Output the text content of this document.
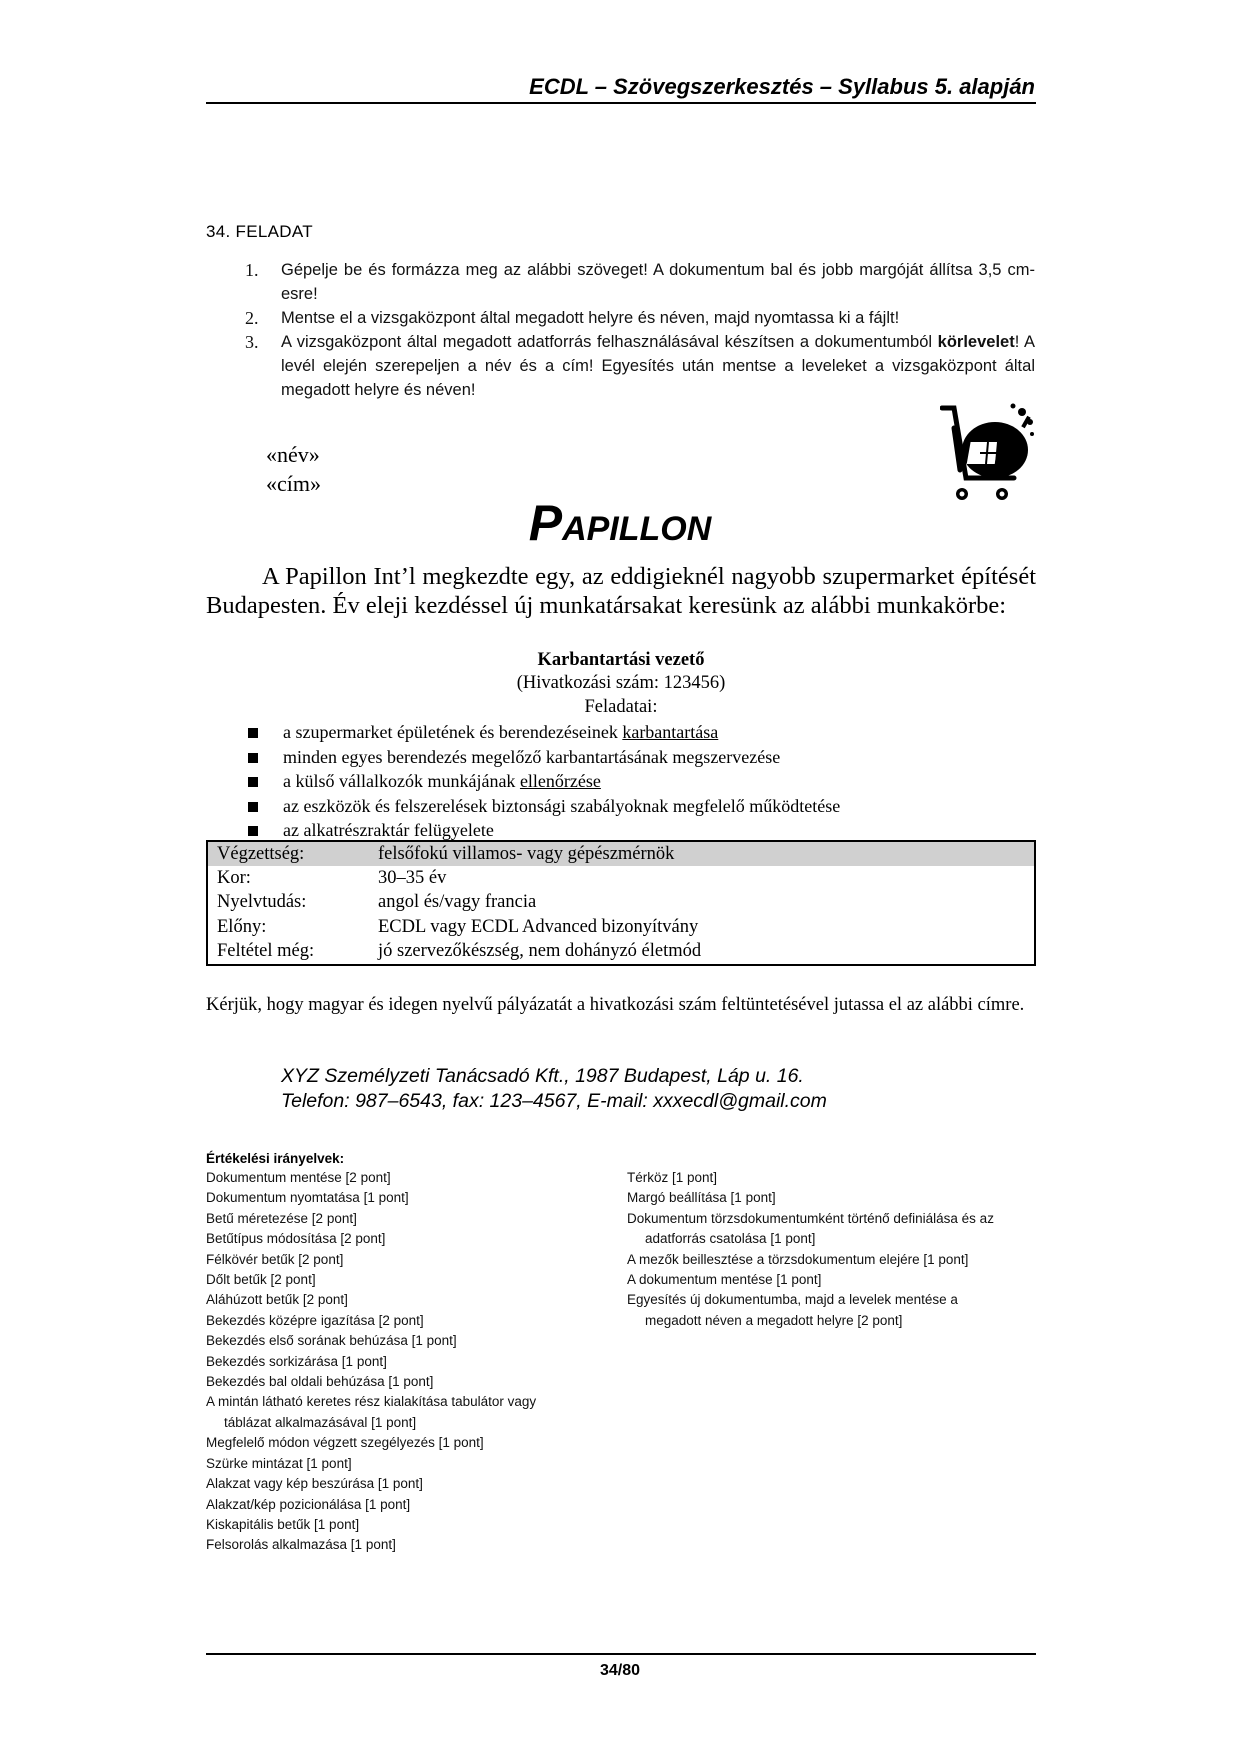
ECDL – Szövegszerkesztés – Syllabus 5. alapján
34. FELADAT
1. Gépelje be és formázza meg az alábbi szöveget! A dokumentum bal és jobb margóját állítsa 3,5 cm-esre!
2. Mentse el a vizsgaközpont által megadott helyre és néven, majd nyomtassa ki a fájlt!
3. A vizsgaközpont által megadott adatforrás felhasználásával készítsen a dokumentumból körlevelet! A levél elején szerepeljen a név és a cím! Egyesítés után mentse a leveleket a vizsgaközpont által megadott helyre és néven!
«név»
«cím»
PAPILLON
A Papillon Int’l megkezdte egy, az eddigieknél nagyobb szupermarket építését Budapesten. Év eleji kezdéssel új munkatársakat keresünk az alábbi munkakörbe:
Karbantartási vezető
(Hivatkozási szám: 123456)
Feladatai:
a szupermarket épületének és berendezéseinek karbantartása
minden egyes berendezés megelőző karbantartásának megszervezése
a külső vállalkozók munkájának ellenőrzése
az eszközök és felszerelések biztonsági szabályoknak megfelelő működtetése
az alkatrészraktár felügyelete
Végzettség:	felsőfokú villamos- vagy gépészmérnök
Kor:	30–35 év
Nyelvtudás:	angol és/vagy francia
Előny:	ECDL vagy ECDL Advanced bizonyítvány
Feltétel még:	jó szervezőkészség, nem dohányzó életmód
Kérjük, hogy magyar és idegen nyelvű pályázatát a hivatkozási szám feltüntetésével jutassa el az alábbi címre.
XYZ Személyzeti Tanácsadó Kft., 1987 Budapest, Láp u. 16.
Telefon: 987–6543, fax: 123–4567, E-mail: xxxecdl@gmail.com
Értékelési irányelvek:
Dokumentum mentése [2 pont]
Dokumentum nyomtatása [1 pont]
Betű méretezése [2 pont]
Betűtípus módosítása [2 pont]
Félkövér betűk [2 pont]
Dőlt betűk [2 pont]
Aláhúzott betűk [2 pont]
Bekezdés középre igazítása [2 pont]
Bekezdés első sorának behúzása [1 pont]
Bekezdés sorkizárása [1 pont]
Bekezdés bal oldali behúzása [1 pont]
A mintán látható keretes rész kialakítása tabulátor vagy táblázat alkalmazásával [1 pont]
Megfelelő módon végzett szegélyezés [1 pont]
Szürke mintázat [1 pont]
Alakzat vagy kép beszúrása [1 pont]
Alakzat/kép pozicionálása [1 pont]
Kiskapitális betűk [1 pont]
Felsorolás alkalmazása [1 pont]
Térköz [1 pont]
Margó beállítása [1 pont]
Dokumentum törzsdokumentumként történő definiálása és az adatforrás csatolása [1 pont]
A mezők beillesztése a törzsdokumentum elejére [1 pont]
A dokumentum mentése [1 pont]
Egyesítés új dokumentumba, majd a levelek mentése a megadott néven a megadott helyre [2 pont]
34/80
